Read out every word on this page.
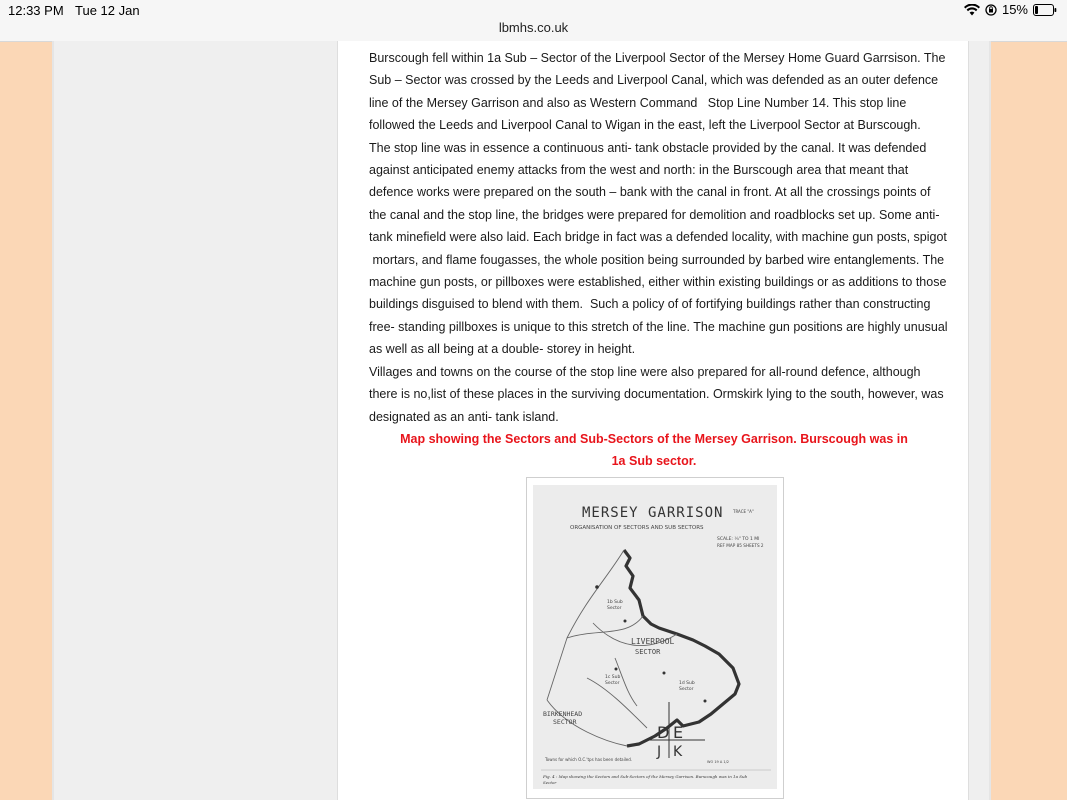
12:33 PM Tue 12 Jan	15%
lbmhs.co.uk

Burscough fell within 1a Sub – Sector of the Liverpool Sector of the Mersey Home Guard Garrsison. The

Sub – Sector was crossed by the Leeds and Liverpool Canal, which was defended as an outer defence

line of the Mersey Garrison and also as Western Command   Stop Line Number 14. This stop line

followed the Leeds and Liverpool Canal to Wigan in the east, left the Liverpool Sector at Burscough.

The stop line was in essence a continuous anti- tank obstacle provided by the canal. It was defended

against anticipated enemy attacks from the west and north: in the Burscough area that meant that

defence works were prepared on the south – bank with the canal in front. At all the crossings points of

the canal and the stop line, the bridges were prepared for demolition and roadblocks set up. Some anti-

tank minefield were also laid. Each bridge in fact was a defended locality, with machine gun posts, spigot

mortars, and flame fougasses, the whole position being surrounded by barbed wire entanglements. The

machine gun posts, or pillboxes were established, either within existing buildings or as additions to those

buildings disguised to blend with them.  Such a policy of of fortifying buildings rather than constructing

free- standing pillboxes is unique to this stretch of the line. The machine gun positions are highly unusual

as well as all being at a double- storey in height.

Villages and towns on the course of the stop line were also prepared for all-round defence, although

there is no,list of these places in the surviving documentation. Ormskirk lying to the south, however, was

designated as an anti- tank island.

Map showing the Sectors and Sub-Sectors of the Mersey Garrison. Burscough was in
1a Sub sector.
MERSEY GARRISON TRACE "A"
ORGANISATION OF SECTORS AND SUB SECTORS
SCALE: ¼" TO 1 MI
REF MAP 85 SHEETS 2
1b Sub
Sector
LIVERPOOL
SECTOR
1c Sub
Sector	1d Sub
Sector
BIRKENHEAD
SECTOR
D E
J K
Towns for which O.C.'tps has been detailed.	WO 19 A 1/2
Fig. 4 : Map showing the Sectors and Sub-Sectors of the Mersey Garrison. Burscough was in 1a Sub
Sector
